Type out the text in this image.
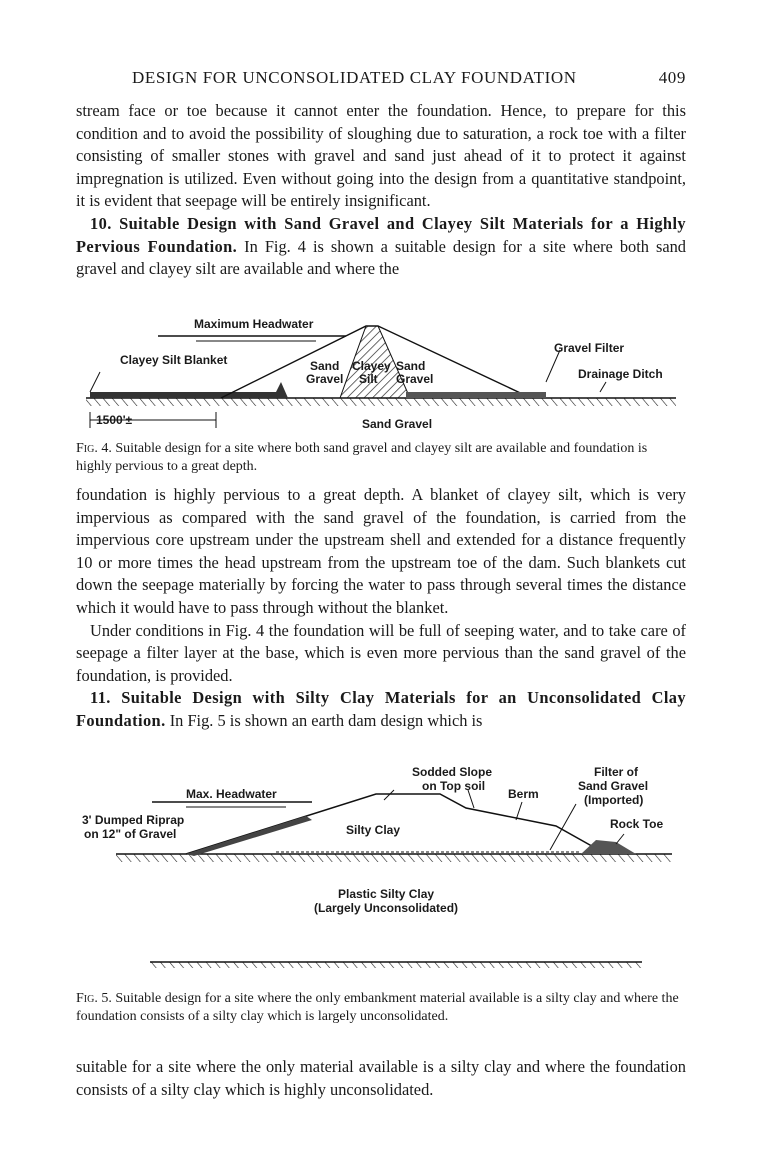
DESIGN FOR UNCONSOLIDATED CLAY FOUNDATION	409

stream face or toe because it cannot enter the foundation. Hence, to prepare for this condition and to avoid the possibility of sloughing due to saturation, a rock toe with a filter consisting of smaller stones with gravel and sand just ahead of it to protect it against impregnation is utilized. Even without going into the design from a quantitative standpoint, it is evident that seepage will be entirely insignificant.

10. Suitable Design with Sand Gravel and Clayey Silt Materials for a Highly Pervious Foundation. In Fig. 4 is shown a suitable design for a site where both sand gravel and clayey silt are available and where the

Maximum Headwater
Clayey Silt Blanket	Sand
Gravel
Clayey
Silt
Sand
Gravel
Gravel Filter
Drainage Ditch
1500'±	Sand Gravel
Fig. 4. Suitable design for a site where both sand gravel and clayey silt are available and foundation is highly pervious to a great depth.

foundation is highly pervious to a great depth. A blanket of clayey silt, which is very impervious as compared with the sand gravel of the foundation, is carried from the impervious core upstream under the upstream shell and extended for a distance frequently 10 or more times the head upstream from the upstream toe of the dam. Such blankets cut down the seepage materially by forcing the water to pass through several times the distance which it would have to pass through without the blanket.

Under conditions in Fig. 4 the foundation will be full of seeping water, and to take care of seepage a filter layer at the base, which is even more pervious than the sand gravel of the foundation, is provided.

11. Suitable Design with Silty Clay Materials for an Unconsolidated Clay Foundation. In Fig. 5 is shown an earth dam design which is

Sodded Slope
on Top soil
Berm
Filter of
Sand Gravel
(Imported)
Max. Headwater
3' Dumped Riprap
on 12" of Gravel	Silty Clay	Rock Toe
Plastic Silty Clay
(Largely Unconsolidated)
Fig. 5. Suitable design for a site where the only embankment material available is a silty clay and where the foundation consists of a silty clay which is largely unconsolidated.

suitable for a site where the only material available is a silty clay and where the foundation consists of a silty clay which is highly unconsolidated.
